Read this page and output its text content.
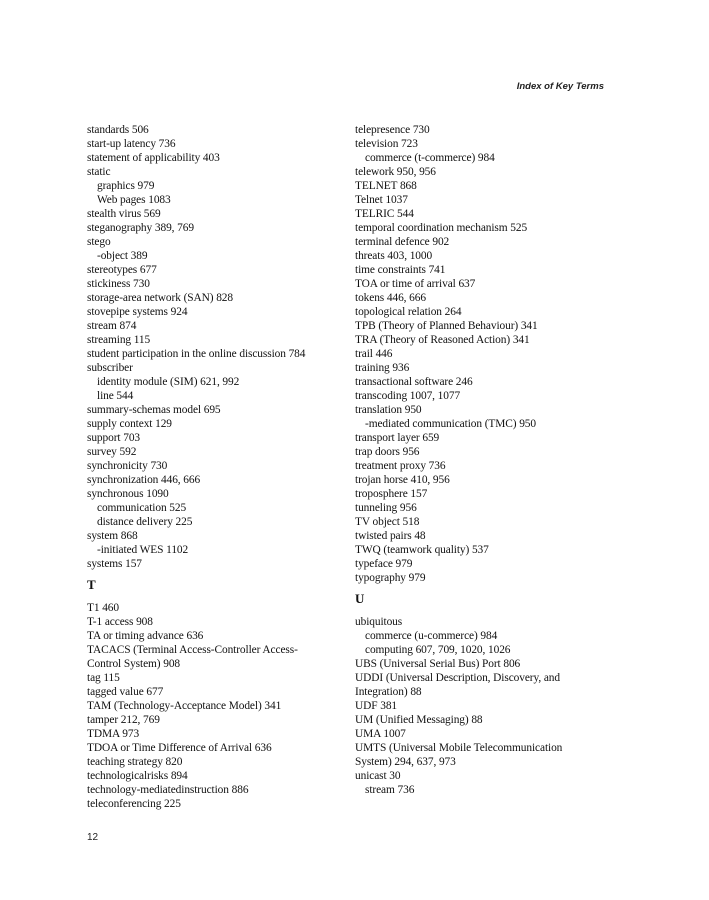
Index of Key Terms

standards 506
start-up latency 736
statement of applicability 403
static
graphics 979
Web pages 1083
stealth virus 569
steganography 389, 769
stego
-object 389
stereotypes 677
stickiness 730
storage-area network (SAN) 828
stovepipe systems 924
stream 874
streaming 115
student participation in the online discussion 784
subscriber
identity module (SIM) 621, 992
line 544
summary-schemas model 695
supply context 129
support 703
survey 592
synchronicity 730
synchronization 446, 666
synchronous 1090
communication 525
distance delivery 225
system 868
-initiated WES 1102
systems 157
T
T1 460
T-1 access 908
TA or timing advance 636
TACACS (Terminal Access-Controller Access-
Control System) 908
tag 115
tagged value 677
TAM (Technology-Acceptance Model) 341
tamper 212, 769
TDMA 973
TDOA or Time Difference of Arrival 636
teaching strategy 820
technologicalrisks 894
technology-mediatedinstruction 886
teleconferencing 225
telepresence 730
television 723
commerce (t-commerce) 984
telework 950, 956
TELNET 868
Telnet 1037
TELRIC 544
temporal coordination mechanism 525
terminal defence 902
threats 403, 1000
time constraints 741
TOA or time of arrival 637
tokens 446, 666
topological relation 264
TPB (Theory of Planned Behaviour) 341
TRA (Theory of Reasoned Action) 341
trail 446
training 936
transactional software 246
transcoding 1007, 1077
translation 950
-mediated communication (TMC) 950
transport layer 659
trap doors 956
treatment proxy 736
trojan horse 410, 956
troposphere 157
tunneling 956
TV object 518
twisted pairs 48
TWQ (teamwork quality) 537
typeface 979
typography 979
U
ubiquitous
commerce (u-commerce) 984
computing 607, 709, 1020, 1026
UBS (Universal Serial Bus) Port 806
UDDI (Universal Description, Discovery, and
Integration) 88
UDF 381
UM (Unified Messaging) 88
UMA 1007
UMTS (Universal Mobile Telecommunication
System) 294, 637, 973
unicast 30
stream 736

12
